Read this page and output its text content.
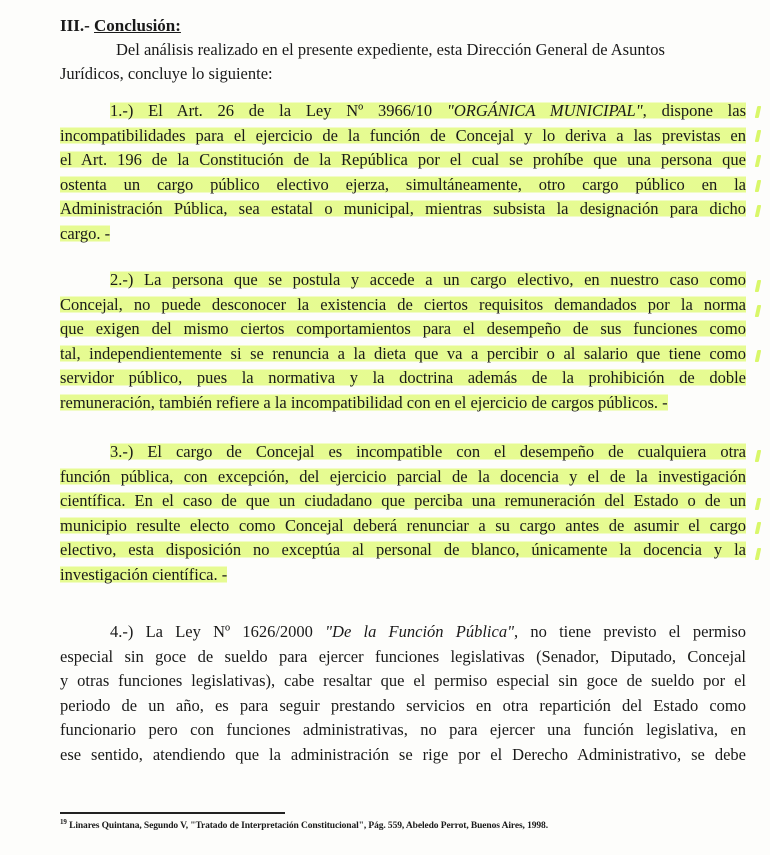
III.- Conclusión:
Del análisis realizado en el presente expediente, esta Dirección General de Asuntos
Jurídicos, concluye lo siguiente:
1.-) El Art. 26 de la Ley Nº 3966/10 "ORGÁNICA MUNICIPAL", dispone las
incompatibilidades para el ejercicio de la función de Concejal y lo deriva a las previstas en
el Art. 196 de la Constitución de la República por el cual se prohíbe que una persona que
ostenta un cargo público electivo ejerza, simultáneamente, otro cargo público en la
Administración Pública, sea estatal o municipal, mientras subsista la designación para dicho
cargo. -
2.-) La persona que se postula y accede a un cargo electivo, en nuestro caso como
Concejal, no puede desconocer la existencia de ciertos requisitos demandados por la norma
que exigen del mismo ciertos comportamientos para el desempeño de sus funciones como
tal, independientemente si se renuncia a la dieta que va a percibir o al salario que tiene como
servidor público, pues la normativa y la doctrina además de la prohibición de doble
remuneración, también refiere a la incompatibilidad con en el ejercicio de cargos públicos. -
3.-) El cargo de Concejal es incompatible con el desempeño de cualquiera otra
función pública, con excepción, del ejercicio parcial de la docencia y el de la investigación
científica. En el caso de que un ciudadano que perciba una remuneración del Estado o de un
municipio resulte electo como Concejal deberá renunciar a su cargo antes de asumir el cargo
electivo, esta disposición no exceptúa al personal de blanco, únicamente la docencia y la
investigación científica. -
4.-) La Ley Nº 1626/2000 "De la Función Pública", no tiene previsto el permiso
especial sin goce de sueldo para ejercer funciones legislativas (Senador, Diputado, Concejal
y otras funciones legislativas), cabe resaltar que el permiso especial sin goce de sueldo por el
periodo de un año, es para seguir prestando servicios en otra repartición del Estado como
funcionario pero con funciones administrativas, no para ejercer una función legislativa, en
ese sentido, atendiendo que la administración se rige por el Derecho Administrativo, se debe
$^{19}$ Linares Quintana, Segundo V, "Tratado de Interpretación Constitucional", Pág. 559, Abeledo Perrot, Buenos Aires, 1998.
